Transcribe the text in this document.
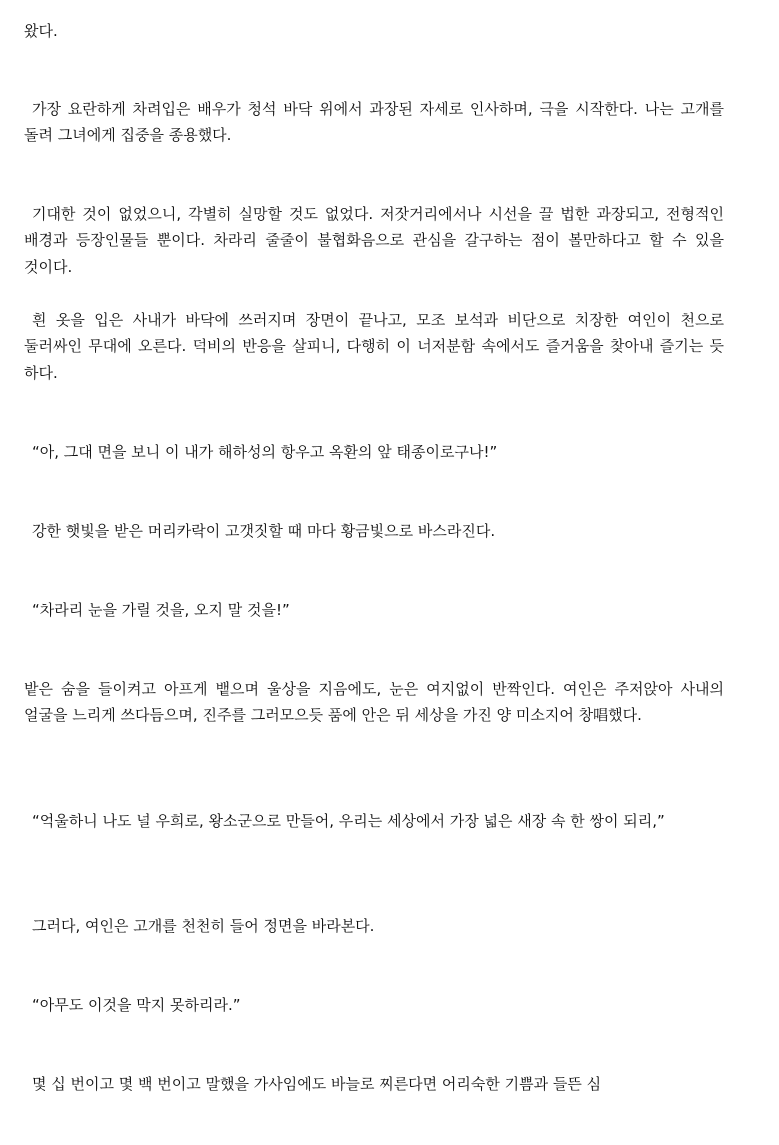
왔다.

가장 요란하게 차려입은 배우가 청석 바닥 위에서 과장된 자세로 인사하며, 극을 시작한다. 나는 고개를 돌려 그녀에게 집중을 종용했다.

기대한 것이 없었으니, 각별히 실망할 것도 없었다. 저잣거리에서나 시선을 끌 법한 과장되고, 전형적인 배경과 등장인물들 뿐이다. 차라리 줄줄이 불협화음으로 관심을 갈구하는 점이 볼만하다고 할 수 있을 것이다.

흰 옷을 입은 사내가 바닥에 쓰러지며 장면이 끝나고, 모조 보석과 비단으로 치장한 여인이 천으로 둘러싸인 무대에 오른다. 덕비의 반응을 살피니, 다행히 이 너저분함 속에서도 즐거움을 찾아내 즐기는 듯 하다.

“아, 그대 면을 보니 이 내가 해하성의 항우고 옥환의 앞 태종이로구나!”

강한 햇빛을 받은 머리카락이 고갯짓할 때 마다 황금빛으로 바스라진다.

“차라리 눈을 가릴 것을, 오지 말 것을!”

밭은 숨을 들이켜고 아프게 뱉으며 울상을 지음에도, 눈은 여지없이 반짝인다. 여인은 주저앉아 사내의 얼굴을 느리게 쓰다듬으며, 진주를 그러모으듯 품에 안은 뒤 세상을 가진 양 미소지어 창唱했다.

“억울하니 나도 널 우희로, 왕소군으로 만들어, 우리는 세상에서 가장 넓은 새장 속 한 쌍이 되리,”

그러다, 여인은 고개를 천천히 들어 정면을 바라본다.

“아무도 이것을 막지 못하리라.”

몇 십 번이고 몇 백 번이고 말했을 가사임에도 바늘로 찌른다면 어리숙한 기쁨과 들뜬 심
